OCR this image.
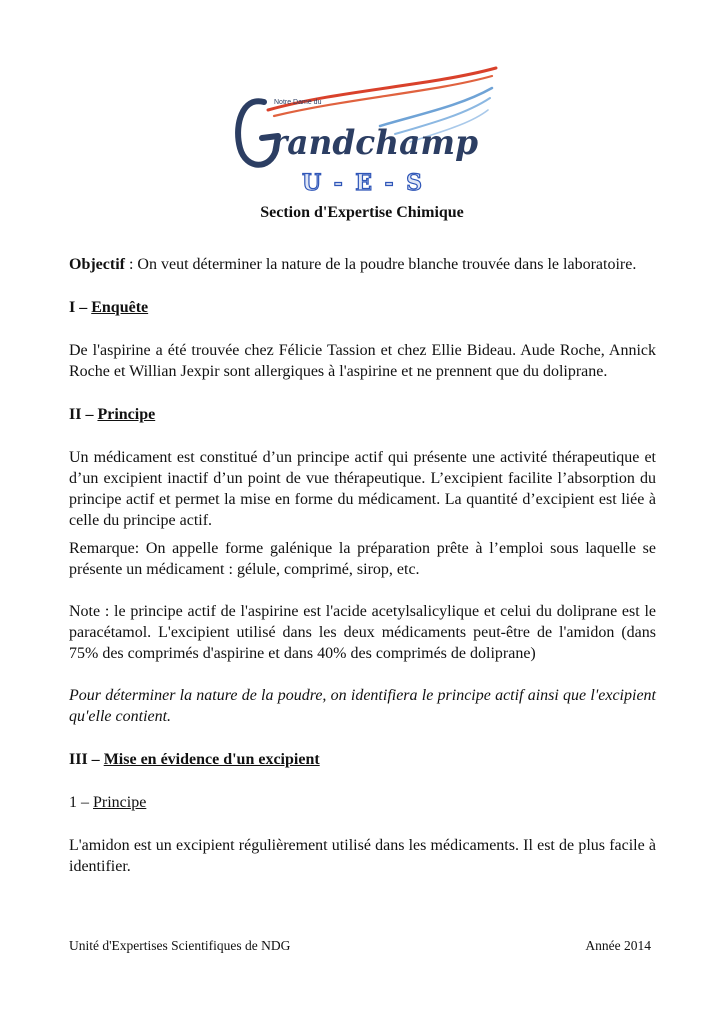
Notre Dame du
randchamp
U - E - S
Section d'Expertise Chimique

Objectif : On veut déterminer la nature de la poudre blanche trouvée dans le laboratoire.

I – Enquête

De l'aspirine a été trouvée chez Félicie Tassion et chez Ellie Bideau. Aude Roche, Annick Roche et Willian Jexpir sont allergiques à l'aspirine et ne prennent que du doliprane.

II – Principe

Un médicament est constitué d’un principe actif qui présente une activité thérapeutique et d’un excipient inactif d’un point de vue thérapeutique. L’excipient facilite l’absorption du principe actif et permet la mise en forme du médicament. La quantité d’excipient est liée à celle du principe actif.

Remarque: On appelle forme galénique la préparation prête à l’emploi sous laquelle se présente un médicament : gélule, comprimé, sirop, etc.

Note : le principe actif de l'aspirine est l'acide acetylsalicylique et celui du doliprane est le paracétamol. L'excipient utilisé dans les deux médicaments peut-être de l'amidon (dans 75% des comprimés d'aspirine et dans 40% des comprimés de doliprane)

Pour déterminer la nature de la poudre, on identifiera le principe actif ainsi que l'excipient qu'elle contient.

III – Mise en évidence d'un excipient

1 – Principe

L'amidon est un excipient régulièrement utilisé dans les médicaments. Il est de plus facile à identifier.

Unité d'Expertises Scientifiques de NDG	Année 2014
